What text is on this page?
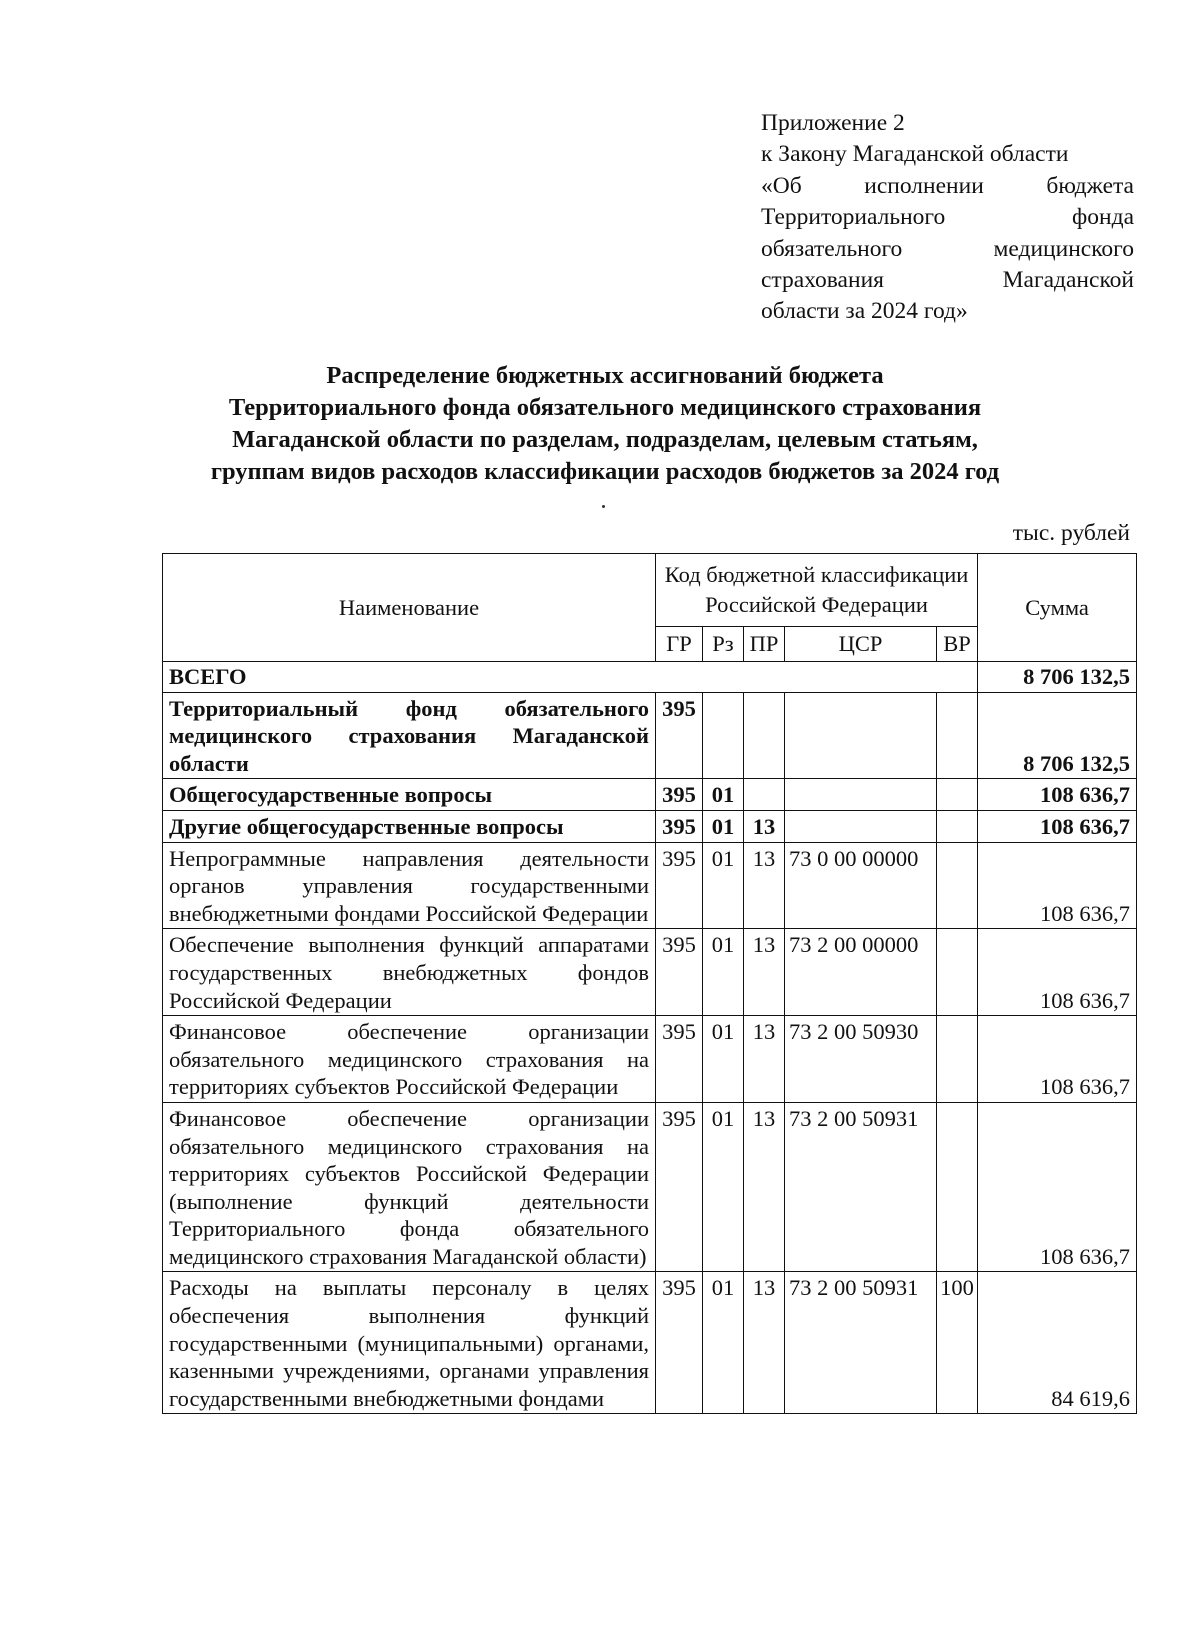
Приложение 2
к Закону Магаданской области
«Об исполнении бюджета
Территориального фонда
обязательного медицинского
страхования Магаданской
области за 2024 год»
Распределение бюджетных ассигнований бюджета
Территориального фонда обязательного медицинского страхования
Магаданской области по разделам, подразделам, целевым статьям,
группам видов расходов классификации расходов бюджетов за 2024 год
тыс. рублей
Наименование	Код бюджетной классификации Российской Федерации					Сумма
	ГР	Рз	ПР	ЦСР	ВР	
ВСЕГО						8 706 132,5
Территориальный фонд обязательного медицинского страхования Магаданской области	395					8 706 132,5
Общегосударственные вопросы	395	01				108 636,7
Другие общегосударственные вопросы	395	01	13			108 636,7
Непрограммные направления деятельности органов управления государственными внебюджетными фондами Российской Федерации	395	01	13	73 0 00 00000		108 636,7
Обеспечение выполнения функций аппаратами государственных внебюджетных фондов Российской Федерации	395	01	13	73 2 00 00000		108 636,7
Финансовое обеспечение организации обязательного медицинского страхования на территориях субъектов Российской Федерации	395	01	13	73 2 00 50930		108 636,7
Финансовое обеспечение организации обязательного медицинского страхования на территориях субъектов Российской Федерации (выполнение функций деятельности Территориального фонда обязательного медицинского страхования Магаданской области)	395	01	13	73 2 00 50931		108 636,7
Расходы на выплаты персоналу в целях обеспечения выполнения функций государственными (муниципальными) органами, казенными учреждениями, органами управления государственными внебюджетными фондами	395	01	13	73 2 00 50931	100	84 619,6
